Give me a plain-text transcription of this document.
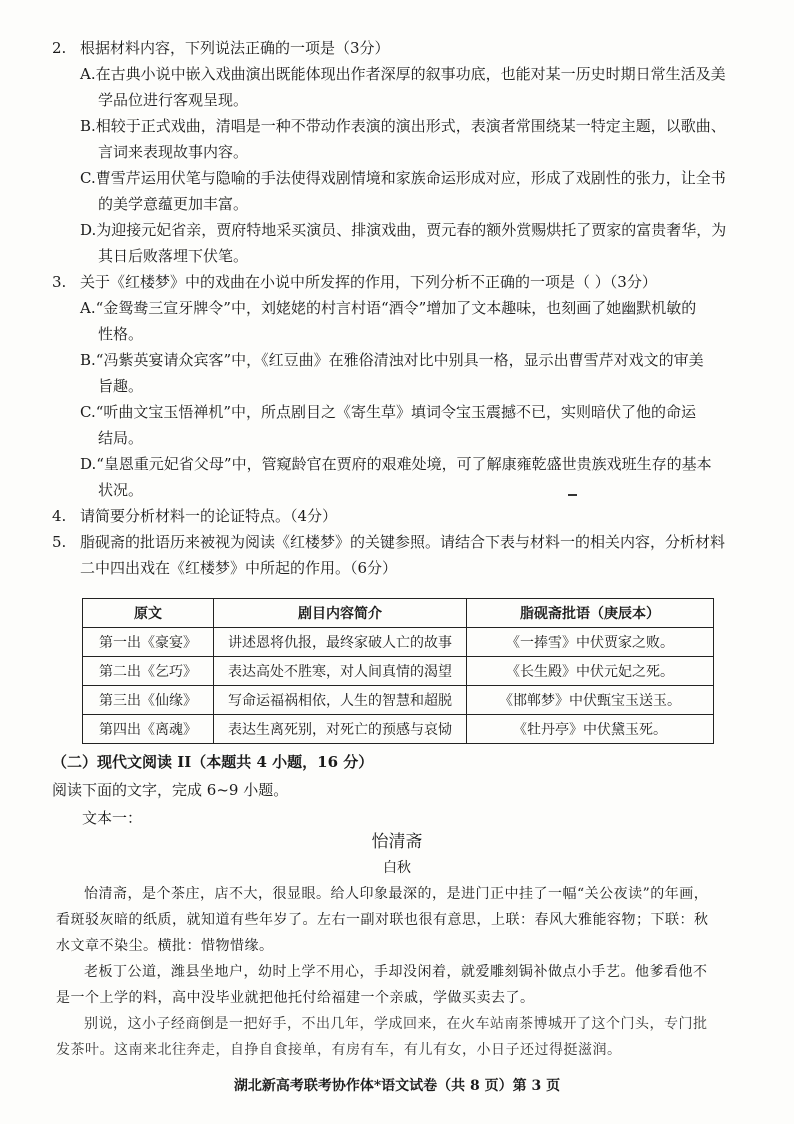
2. 根据材料内容，下列说法正确的一项是（3分）
A.在古典小说中嵌入戏曲演出既能体现出作者深厚的叙事功底，也能对某一历史时期日常生活及美
学品位进行客观呈现。
B.相较于正式戏曲，清唱是一种不带动作表演的演出形式，表演者常围绕某一特定主题，以歌曲、
言词来表现故事内容。
C.曹雪芹运用伏笔与隐喻的手法使得戏剧情境和家族命运形成对应，形成了戏剧性的张力，让全书
的美学意蕴更加丰富。
D.为迎接元妃省亲，贾府特地采买演员、排演戏曲，贾元春的额外赏赐烘托了贾家的富贵奢华，为
其日后败落埋下伏笔。
3. 关于《红楼梦》中的戏曲在小说中所发挥的作用，下列分析不正确的一项是（ ）（3分）
A.“金鸳鸯三宣牙牌令”中，刘姥姥的村言村语“酒令”增加了文本趣味，也刻画了她幽默机敏的
性格。
B.“冯紫英宴请众宾客”中，《红豆曲》在雅俗清浊对比中别具一格，显示出曹雪芹对戏文的审美
旨趣。
C.“听曲文宝玉悟禅机”中，所点剧目之《寄生草》填词令宝玉震撼不已，实则暗伏了他的命运
结局。
D.“皇恩重元妃省父母”中，管窥龄官在贾府的艰难处境，可了解康雍乾盛世贵族戏班生存的基本
状况。
4. 请简要分析材料一的论证特点。（4分）
5. 脂砚斋的批语历来被视为阅读《红楼梦》的关键参照。请结合下表与材料一的相关内容，分析材料
二中四出戏在《红楼梦》中所起的作用。（6分）
原文	剧目内容简介	脂砚斋批语（庚辰本）
第一出《豪宴》	讲述恩将仇报，最终家破人亡的故事	《一捧雪》中伏贾家之败。
第二出《乞巧》	表达高处不胜寒，对人间真情的渴望	《长生殿》中伏元妃之死。
第三出《仙缘》	写命运福祸相依，人生的智慧和超脱	《邯郸梦》中伏甄宝玉送玉。
第四出《离魂》	表达生离死别，对死亡的预感与哀恸	《牡丹亭》中伏黛玉死。
（二）现代文阅读 II（本题共 4 小题，16 分）
阅读下面的文字，完成 6~9 小题。
文本一：
怡清斋
白秋
怡清斋，是个茶庄，店不大，很显眼。给人印象最深的，是进门正中挂了一幅“关公夜读”的年画，
看斑驳灰暗的纸质，就知道有些年岁了。左右一副对联也很有意思，上联：春风大雅能容物；下联：秋
水文章不染尘。横批：惜物惜缘。
老板丁公道，潍县坐地户，幼时上学不用心，手却没闲着，就爱雕刻锔补做点小手艺。他爹看他不
是一个上学的料，高中没毕业就把他托付给福建一个亲戚，学做买卖去了。
别说，这小子经商倒是一把好手，不出几年，学成回来，在火车站南茶博城开了这个门头，专门批
发茶叶。这南来北往奔走，自挣自食接单，有房有车，有儿有女，小日子还过得挺滋润。
湖北新高考联考协作体*语文试卷（共 8 页）第 3 页
